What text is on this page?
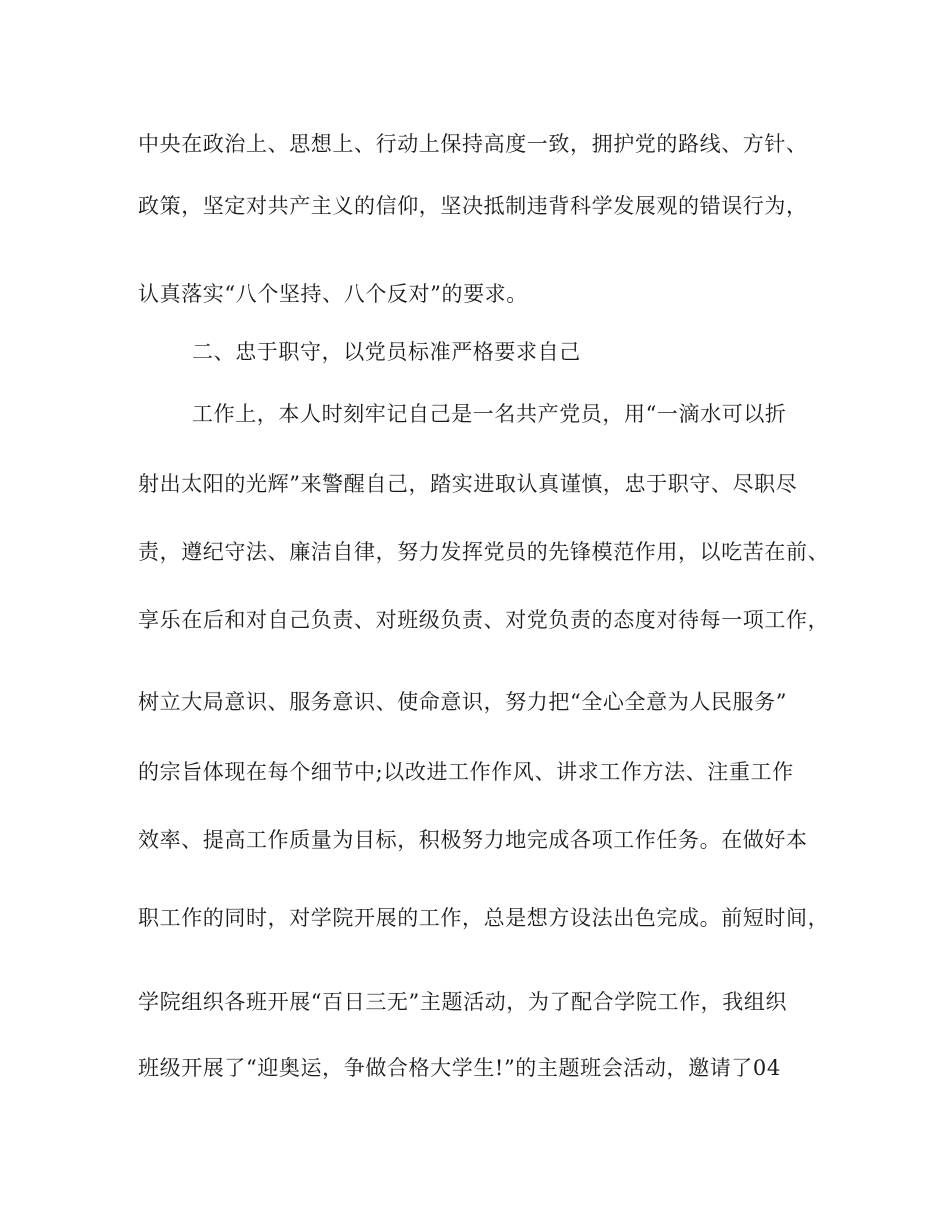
中央在政治上、思想上、行动上保持高度一致，拥护党的路线、方针、
政策，坚定对共产主义的信仰，坚决抵制违背科学发展观的错误行为，
认真落实“八个坚持、八个反对”的要求。
二、忠于职守，以党员标准严格要求自己
工作上，本人时刻牢记自己是一名共产党员，用“一滴水可以折
射出太阳的光辉”来警醒自己，踏实进取认真谨慎，忠于职守、尽职尽
责，遵纪守法、廉洁自律，努力发挥党员的先锋模范作用，以吃苦在前、
享乐在后和对自己负责、对班级负责、对党负责的态度对待每一项工作，
树立大局意识、服务意识、使命意识，努力把“全心全意为人民服务”
的宗旨体现在每个细节中;以改进工作作风、讲求工作方法、注重工作
效率、提高工作质量为目标，积极努力地完成各项工作任务。在做好本
职工作的同时，对学院开展的工作，总是想方设法出色完成。前短时间，
学院组织各班开展“百日三无”主题活动，为了配合学院工作，我组织
班级开展了“迎奥运，争做合格大学生!”的主题班会活动，邀请了04
